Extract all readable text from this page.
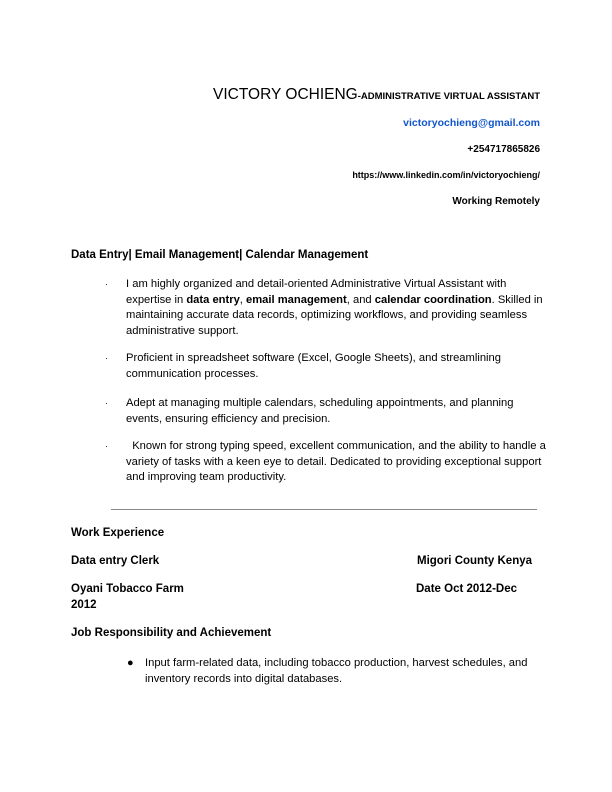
VICTORY OCHIENG-ADMINISTRATIVE VIRTUAL ASSISTANT
victoryochieng@gmail.com
+254717865826
https://www.linkedin.com/in/victoryochieng/
Working Remotely
Data Entry| Email Management| Calendar Management
· I am highly organized and detail-oriented Administrative Virtual Assistant with
expertise in data entry, email management, and calendar coordination. Skilled in maintaining accurate data records, optimizing workflows, and providing seamless administrative support.
· Proficient in spreadsheet software (Excel, Google Sheets), and streamlining communication processes.
· Adept at managing multiple calendars, scheduling appointments, and planning events, ensuring efficiency and precision.
· Known for strong typing speed, excellent communication, and the ability to handle a variety of tasks with a keen eye to detail. Dedicated to providing exceptional support and improving team productivity.
Work Experience
Data entry Clerk	Migori County Kenya
Oyani Tobacco Farm	Date Oct 2012-Dec
2012
Job Responsibility and Achievement
● Input farm-related data, including tobacco production, harvest schedules, and inventory records into digital databases.
